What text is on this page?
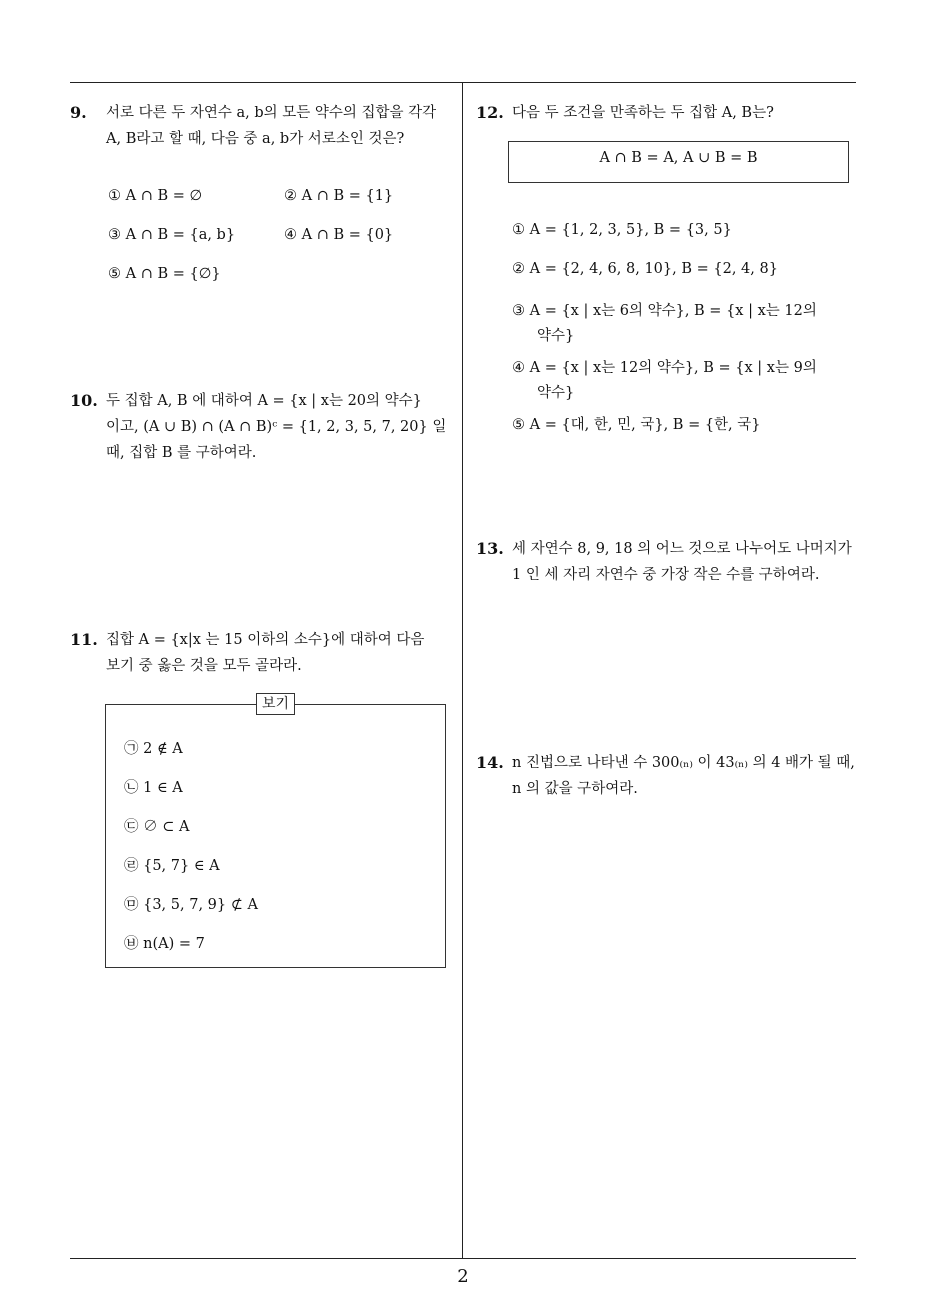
9. 서로 다른 두 자연수 a, b의 모든 약수의 집합을 각각
A, B라고 할 때, 다음 중 a, b가 서로소인 것은?
① A ∩ B = ∅	② A ∩ B = {1}
③ A ∩ B = {a, b}	④ A ∩ B = {0}
⑤ A ∩ B = {∅}
10. 두 집합 A, B 에 대하여 A = {x | x는 20의 약수}
이고, (A ∪ B) ∩ (A ∩ B)ᶜ = {1, 2, 3, 5, 7, 20} 일
때, 집합 B 를 구하여라.
11. 집합 A = {x|x 는 15 이하의 소수}에 대하여 다음
보기 중 옳은 것을 모두 골라라.
보기
㉠ 2 ∉ A
㉡ 1 ∈ A
㉢ ∅ ⊂ A
㉣ {5, 7} ∈ A
㉤ {3, 5, 7, 9} ⊄ A
㉥ n(A) = 7
12. 다음 두 조건을 만족하는 두 집합 A, B는?
A ∩ B = A, A ∪ B = B
① A = {1, 2, 3, 5}, B = {3, 5}
② A = {2, 4, 6, 8, 10}, B = {2, 4, 8}
③ A = {x | x는 6의 약수}, B = {x | x는 12의
약수}
④ A = {x | x는 12의 약수}, B = {x | x는 9의
약수}
⑤ A = {대, 한, 민, 국}, B = {한, 국}
13. 세 자연수 8, 9, 18 의 어느 것으로 나누어도 나머지가
1 인 세 자리 자연수 중 가장 작은 수를 구하여라.
14. n 진법으로 나타낸 수 300₍ₙ₎ 이 43₍ₙ₎ 의 4 배가 될 때,
n 의 값을 구하여라.
2
